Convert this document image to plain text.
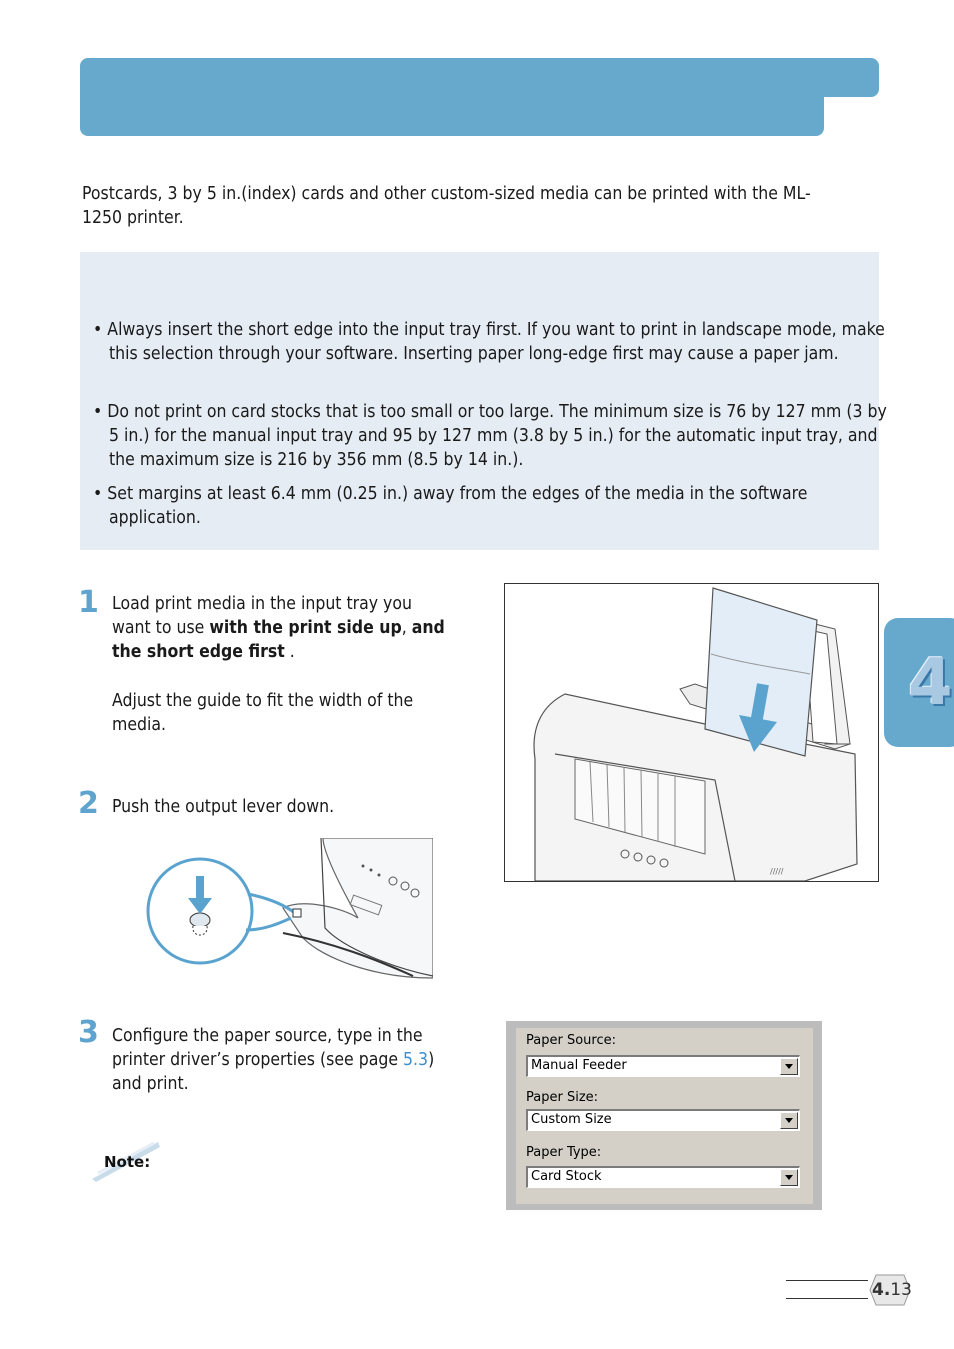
Postcards, 3 by 5 in.(index) cards and other custom-sized media can be printed with the ML-1250 printer.
• Always insert the short edge into the input tray first. If you want to print in landscape mode, make this selection through your software. Inserting paper long-edge first may cause a paper jam.
• Do not print on card stocks that is too small or too large. The minimum size is 76 by 127 mm (3 by 5 in.) for the manual input tray and 95 by 127 mm (3.8 by 5 in.) for the automatic input tray, and the maximum size is 216 by 356 mm (8.5 by 14 in.).
• Set margins at least 6.4 mm (0.25 in.) away from the edges of the media in the software application.
1 Load print media in the input tray you want to use with the print side up, and the short edge first .
Adjust the guide to fit the width of the media.
2 Push the output lever down.
3 Configure the paper source, type in the printer driver’s properties (see page 5.3) and print.
/////
Paper Source:
Manual Feeder
Paper Size:
Custom Size
Paper Type:
Card Stock
Note:
4
4.13
